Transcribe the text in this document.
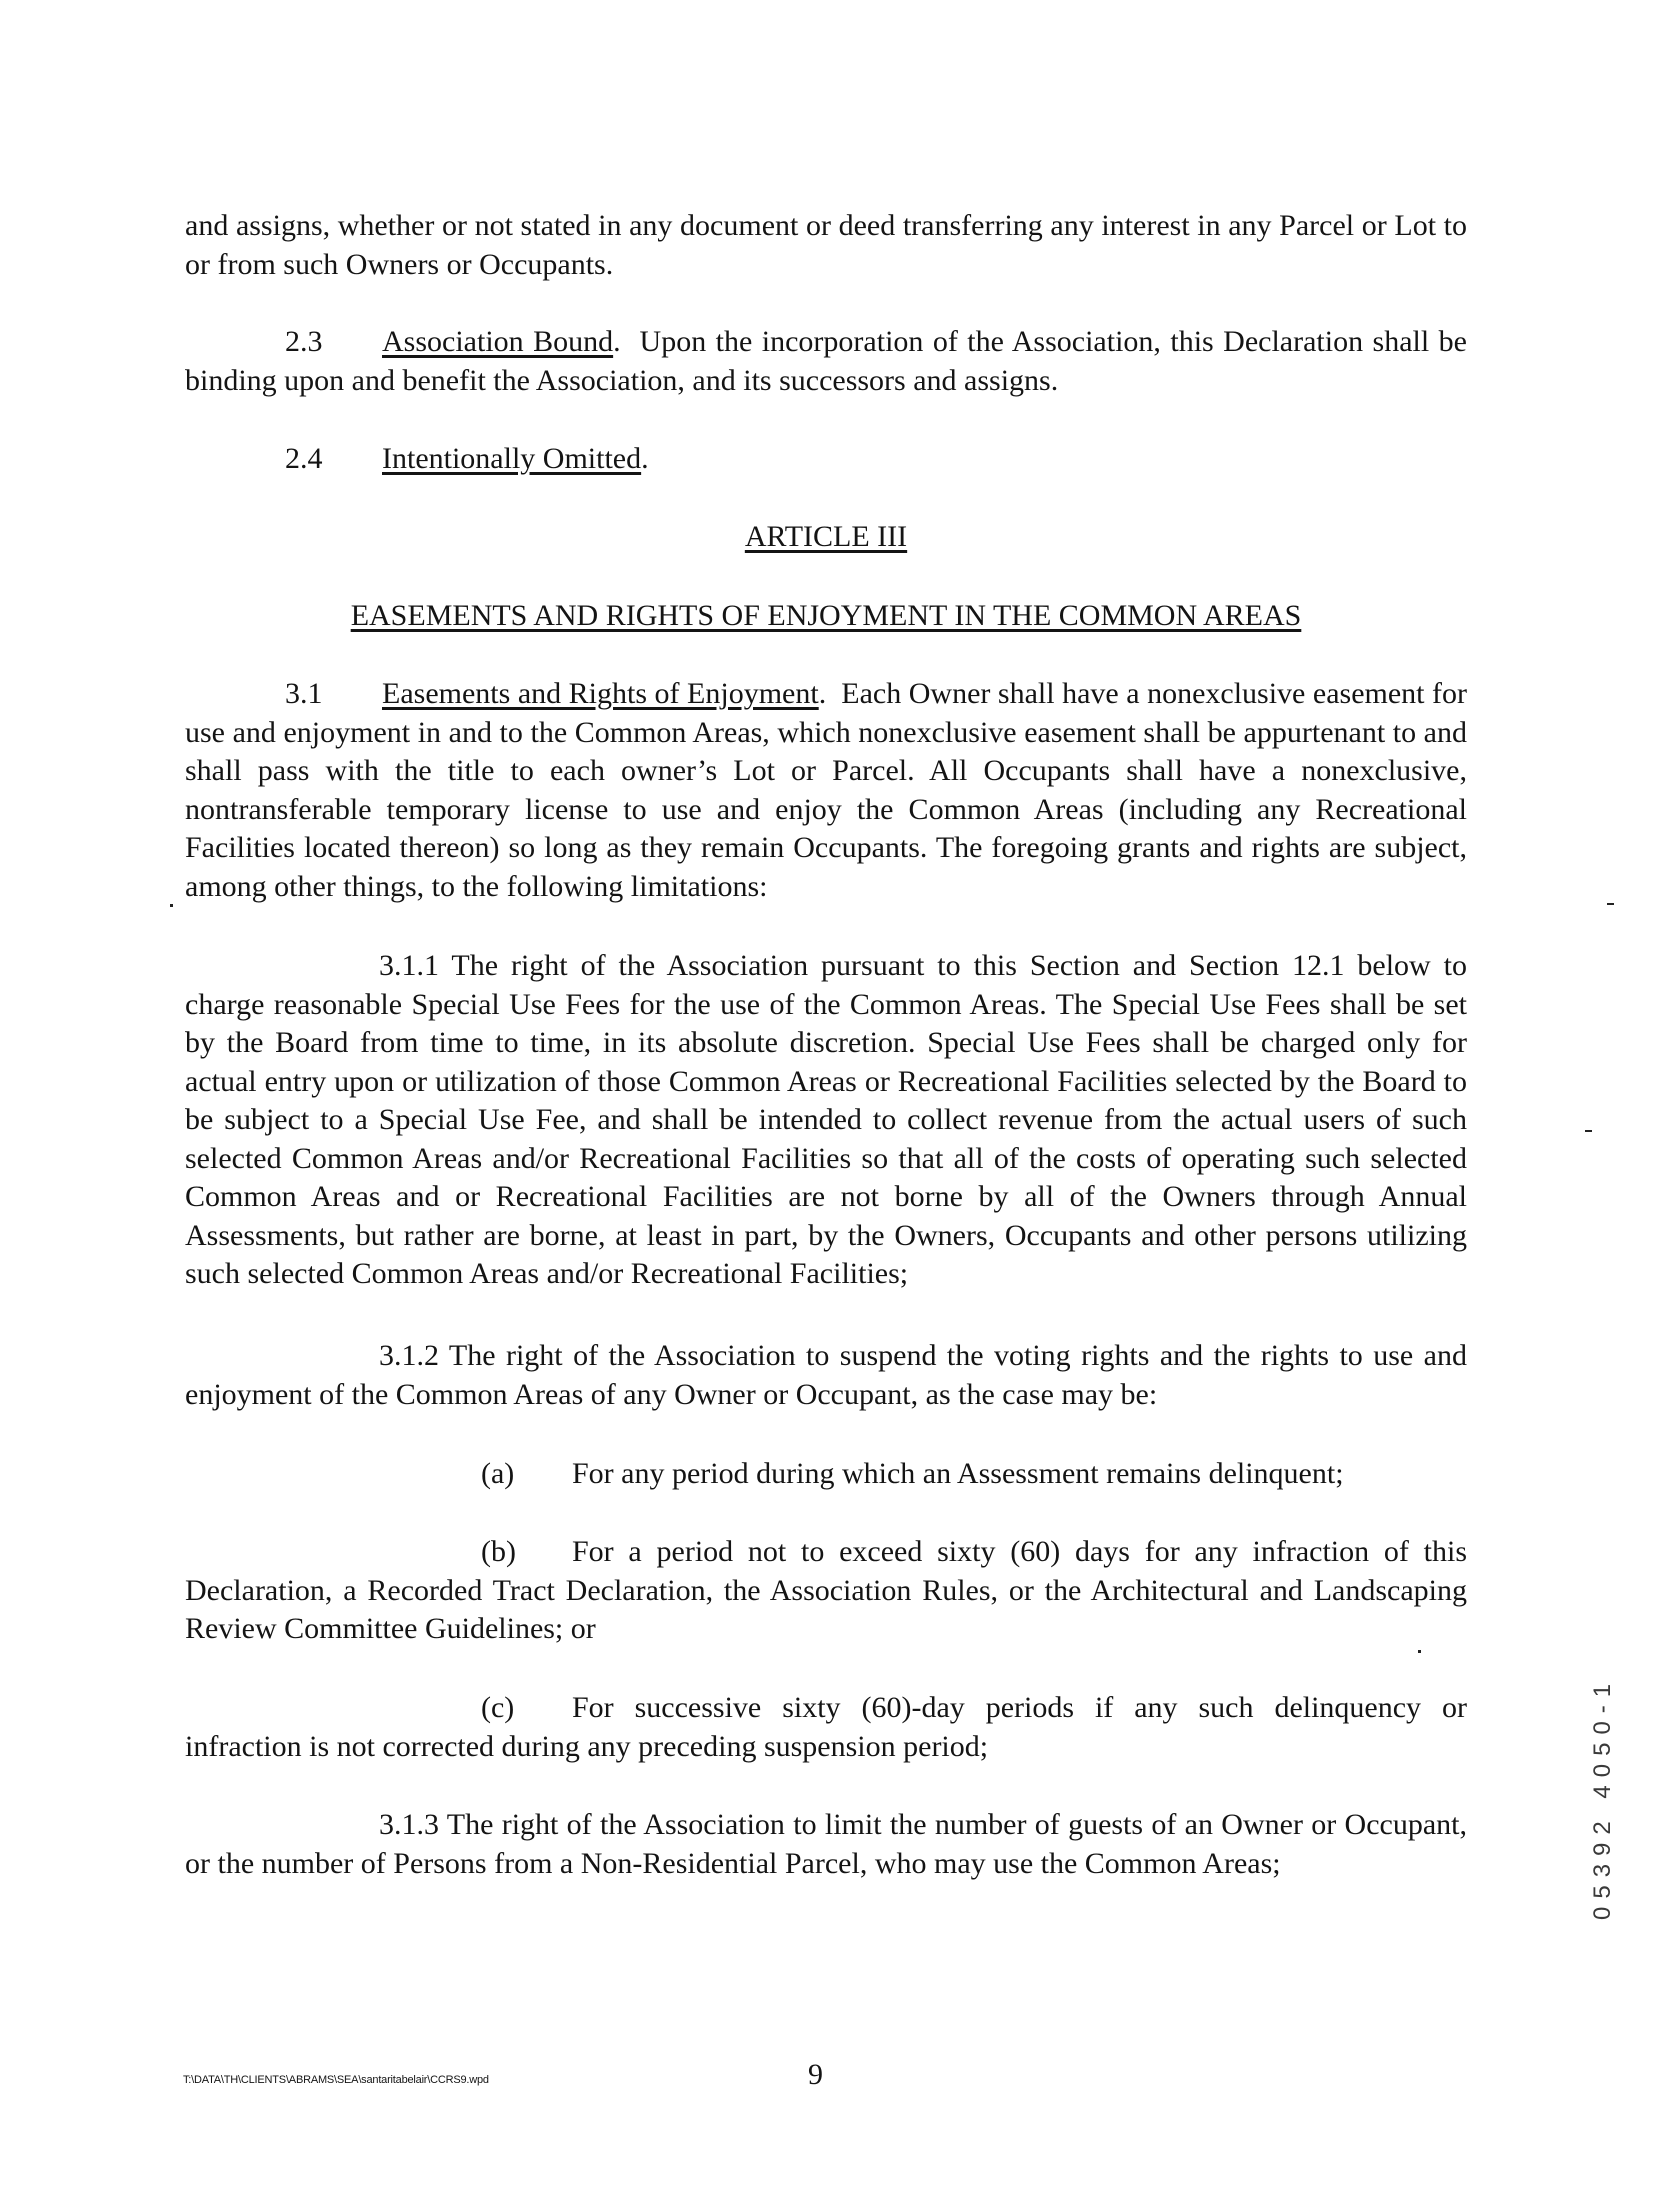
and assigns, whether or not stated in any document or deed transferring any interest in any Parcel or Lot to or from such Owners or Occupants.

2.3 Association Bound.  Upon the incorporation of the Association, this Declaration shall be binding upon and benefit the Association, and its successors and assigns.

2.4 Intentionally Omitted.

ARTICLE III

EASEMENTS AND RIGHTS OF ENJOYMENT IN THE COMMON AREAS

3.1 Easements and Rights of Enjoyment.  Each Owner shall have a nonexclusive easement for use and enjoyment in and to the Common Areas, which nonexclusive easement shall be appurtenant to and shall pass with the title to each owner’s Lot or Parcel. All Occupants shall have a nonexclusive, nontransferable temporary license to use and enjoy the Common Areas (including any Recreational Facilities located thereon) so long as they remain Occupants. The foregoing grants and rights are subject, among other things, to the following limitations:

3.1.1 The right of the Association pursuant to this Section and Section 12.1 below to charge reasonable Special Use Fees for the use of the Common Areas. The Special Use Fees shall be set by the Board from time to time, in its absolute discretion. Special Use Fees shall be charged only for actual entry upon or utilization of those Common Areas or Recreational Facilities selected by the Board to be subject to a Special Use Fee, and shall be intended to collect revenue from the actual users of such selected Common Areas and/or Recreational Facilities so that all of the costs of operating such selected Common Areas and or Recreational Facilities are not borne by all of the Owners through Annual Assessments, but rather are borne, at least in part, by the Owners, Occupants and other persons utilizing such selected Common Areas and/or Recreational Facilities;

3.1.2 The right of the Association to suspend the voting rights and the rights to use and enjoyment of the Common Areas of any Owner or Occupant, as the case may be:

(a) For any period during which an Assessment remains delinquent;

(b) For a period not to exceed sixty (60) days for any infraction of this Declaration, a Recorded Tract Declaration, the Association Rules, or the Architectural and Landscaping Review Committee Guidelines; or

(c) For successive sixty (60)-day periods if any such delinquency or infraction is not corrected during any preceding suspension period;

3.1.3 The right of the Association to limit the number of guests of an Owner or Occupant, or the number of Persons from a Non-Residential Parcel, who may use the Common Areas;

T:\DATA\TH\CLIENTS\ABRAMS\SEA\santaritabelair\CCRS9.wpd	9
05392 4050-1
